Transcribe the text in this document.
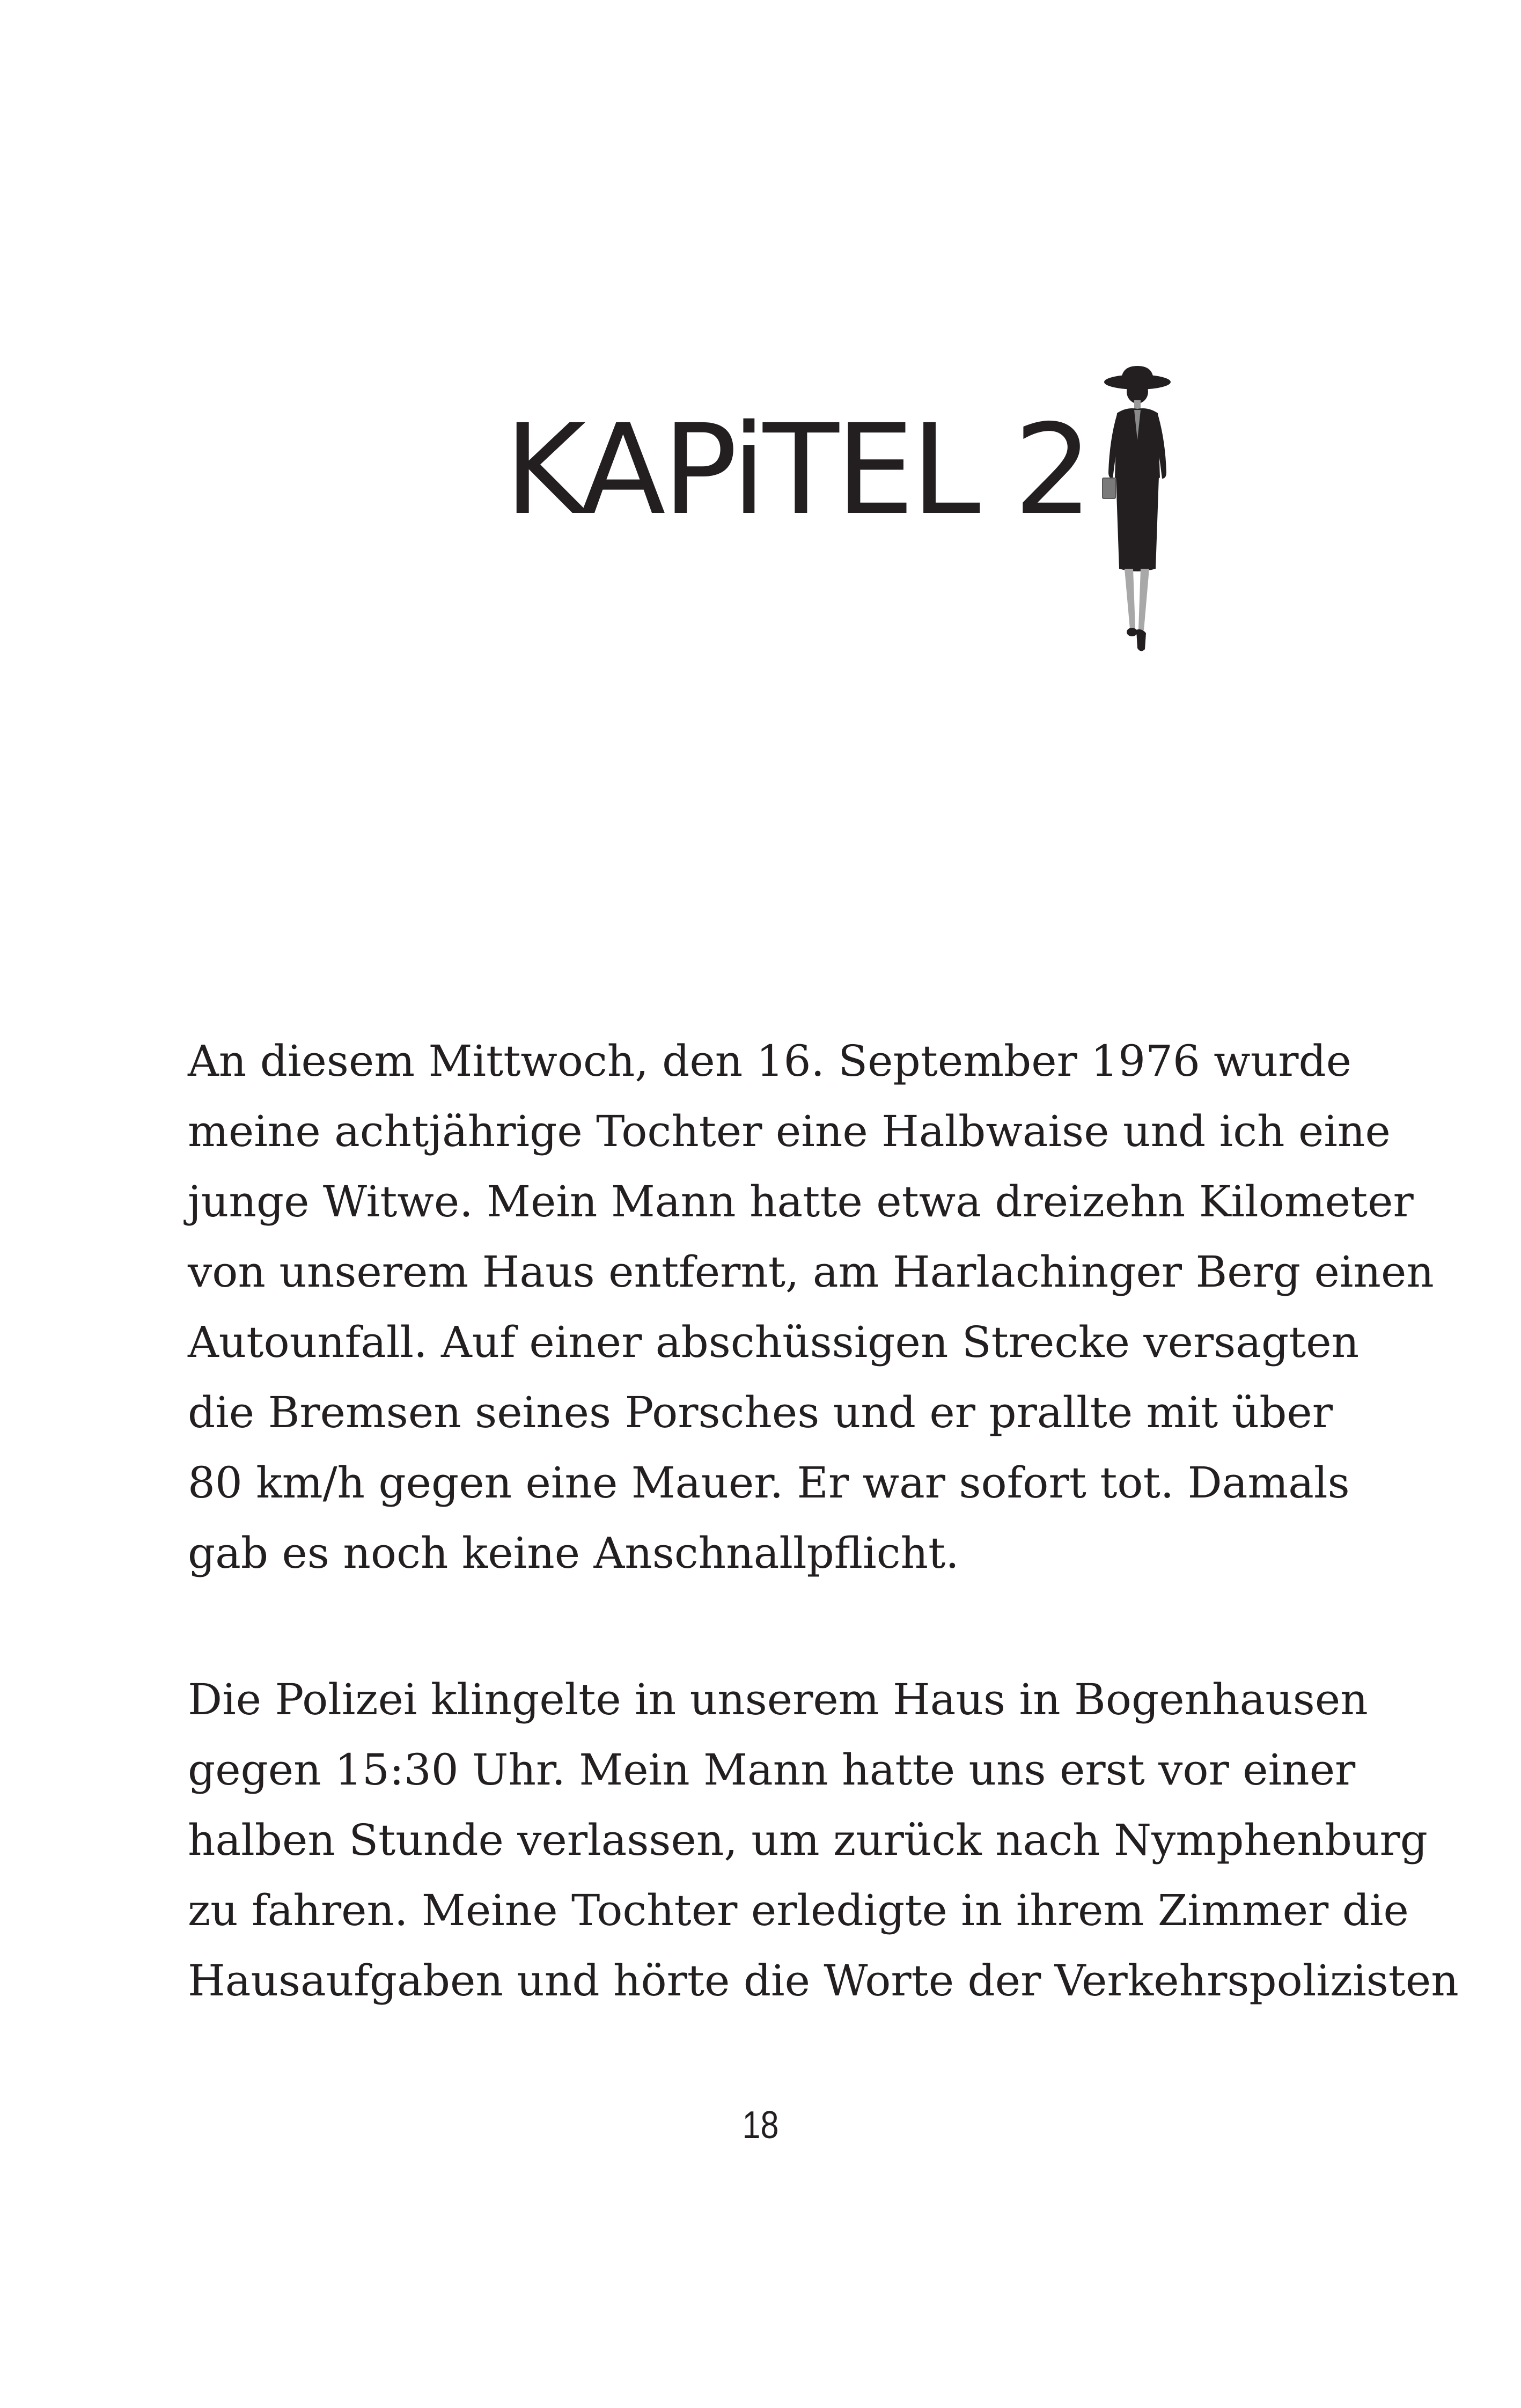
KAPiTEL 2
An diesem Mittwoch, den 16. September 1976 wurde
meine achtjährige Tochter eine Halbwaise und ich eine
junge Witwe. Mein Mann hatte etwa dreizehn Kilometer
von unserem Haus entfernt, am Harlachinger Berg einen
Autounfall. Auf einer abschüssigen Strecke versagten
die Bremsen seines Porsches und er prallte mit über
80 km/h gegen eine Mauer. Er war sofort tot. Damals
gab es noch keine Anschnallpflicht.
Die Polizei klingelte in unserem Haus in Bogenhausen
gegen 15:30 Uhr. Mein Mann hatte uns erst vor einer
halben Stunde verlassen, um zurück nach Nymphenburg
zu fahren. Meine Tochter erledigte in ihrem Zimmer die
Hausaufgaben und hörte die Worte der Verkehrspolizisten
18
